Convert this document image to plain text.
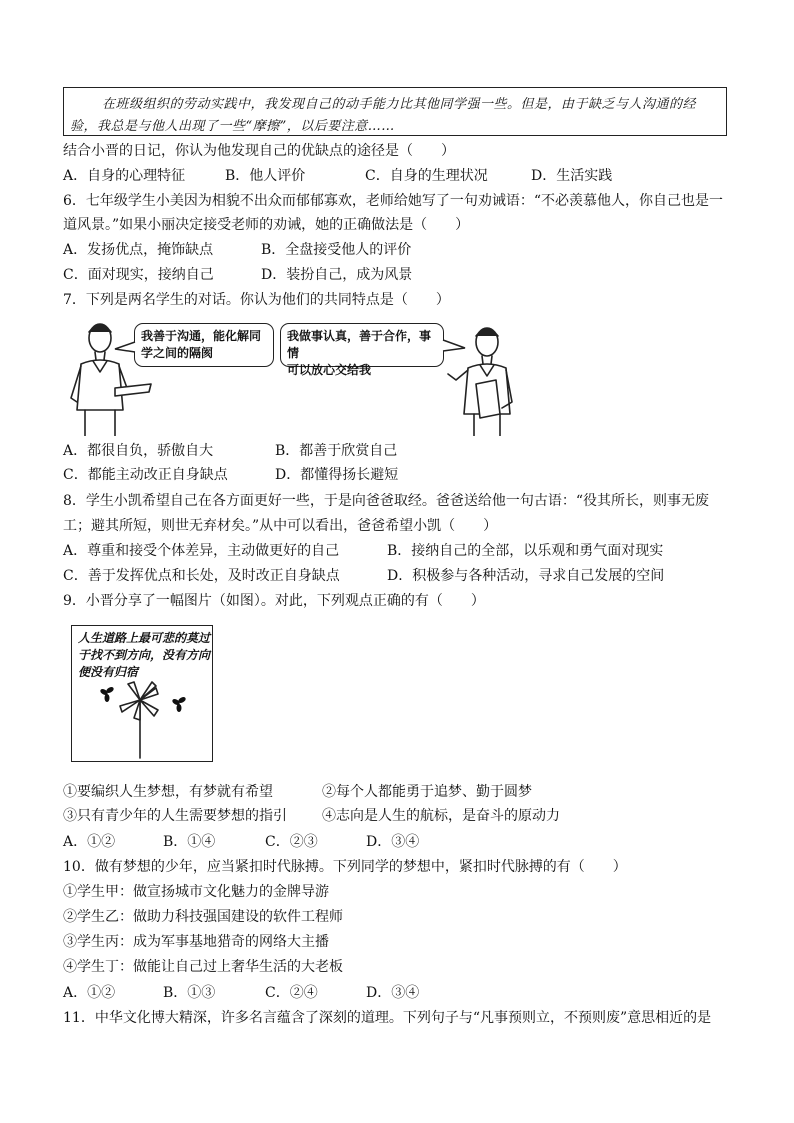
在班级组织的劳动实践中，我发现自己的动手能力比其他同学强一些。但是，由于缺乏与人沟通的经
验，我总是与他人出现了一些“摩擦”，以后要注意……
结合小晋的日记，你认为他发现自己的优缺点的途径是（　　）
A．自身的心理特征	B．他人评价	C．自身的生理状况	D．生活实践
6．七年级学生小美因为相貌不出众而郁郁寡欢，老师给她写了一句劝诫语：“不必羡慕他人，你自己也是一
道风景。”如果小丽决定接受老师的劝诫，她的正确做法是（　　）
A．发扬优点，掩饰缺点	B．全盘接受他人的评价
C．面对现实，接纳自己	D．装扮自己，成为风景
7．下列是两名学生的对话。你认为他们的共同特点是（　　）
我善于沟通，能化解同
学之间的隔阂
我做事认真，善于合作，事情
可以放心交给我
A．都很自负，骄傲自大	B．都善于欣赏自己
C．都能主动改正自身缺点	D．都懂得扬长避短
8．学生小凯希望自己在各方面更好一些，于是向爸爸取经。爸爸送给他一句古语：“役其所长，则事无废
工；避其所短，则世无弃材矣。”从中可以看出，爸爸希望小凯（　　）
A．尊重和接受个体差异，主动做更好的自己	B．接纳自己的全部，以乐观和勇气面对现实
C．善于发挥优点和长处，及时改正自身缺点	D．积极参与各种活动，寻求自己发展的空间
9．小晋分享了一幅图片（如图）。对此，下列观点正确的有（　　）
人生道路上最可悲的莫过
于找不到方向，没有方向
便没有归宿
①要编织人生梦想，有梦就有希望	②每个人都能勇于追梦、勤于圆梦
③只有青少年的人生需要梦想的指引	④志向是人生的航标，是奋斗的原动力
A．①②	B．①④	C．②③	D．③④
10．做有梦想的少年，应当紧扣时代脉搏。下列同学的梦想中，紧扣时代脉搏的有（　　）
①学生甲：做宣扬城市文化魅力的金牌导游
②学生乙：做助力科技强国建设的软件工程师
③学生丙：成为军事基地猎奇的网络大主播
④学生丁：做能让自己过上奢华生活的大老板
A．①②	B．①③	C．②④	D．③④
11．中华文化博大精深，许多名言蕴含了深刻的道理。下列句子与“凡事预则立，不预则废”意思相近的是
